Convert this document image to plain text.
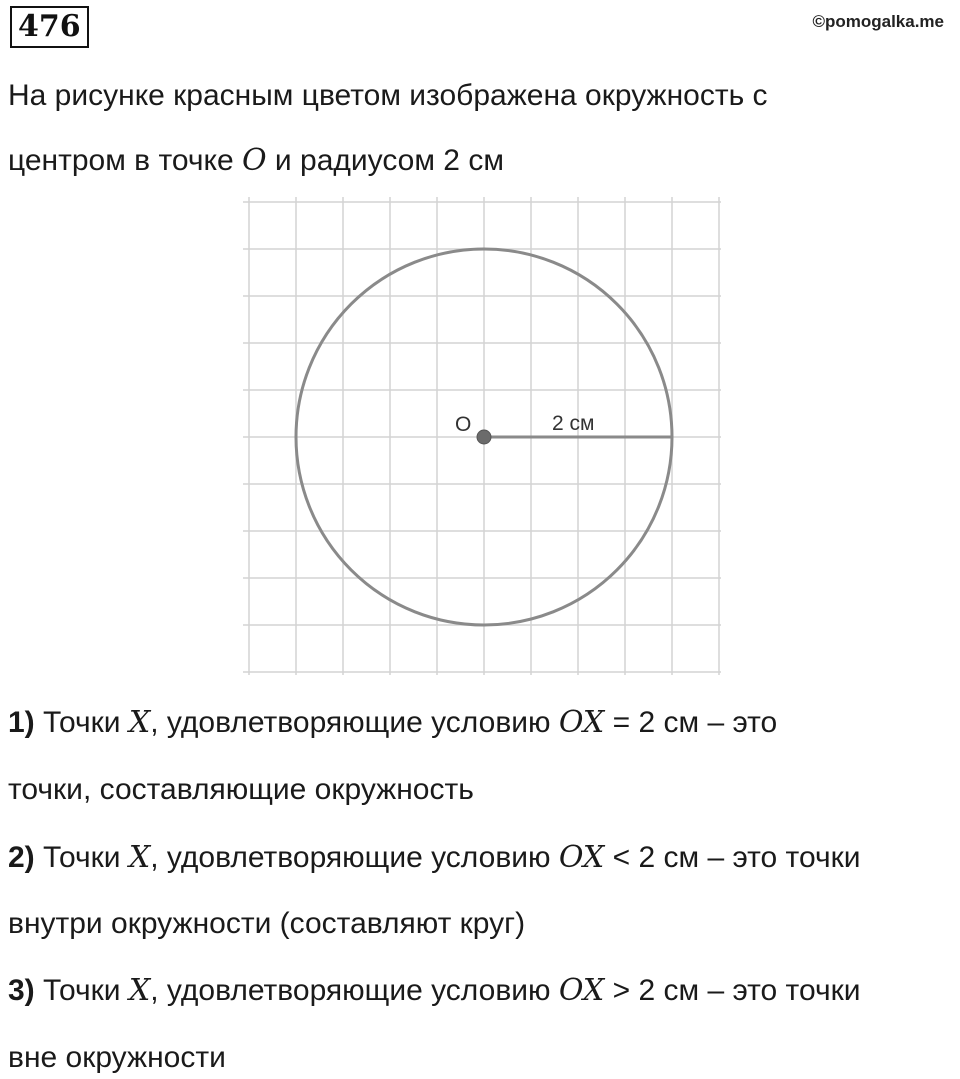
476	©pomogalka.me
На рисунке красным цветом изображена окружность с
центром в точке O и радиусом 2 см
O	2 см
1) Точки X, удовлетворяющие условию OX = 2 см – это
точки, составляющие окружность
2) Точки X, удовлетворяющие условию OX < 2 см – это точки
внутри окружности (составляют круг)
3) Точки X, удовлетворяющие условию OX > 2 см – это точки
вне окружности
